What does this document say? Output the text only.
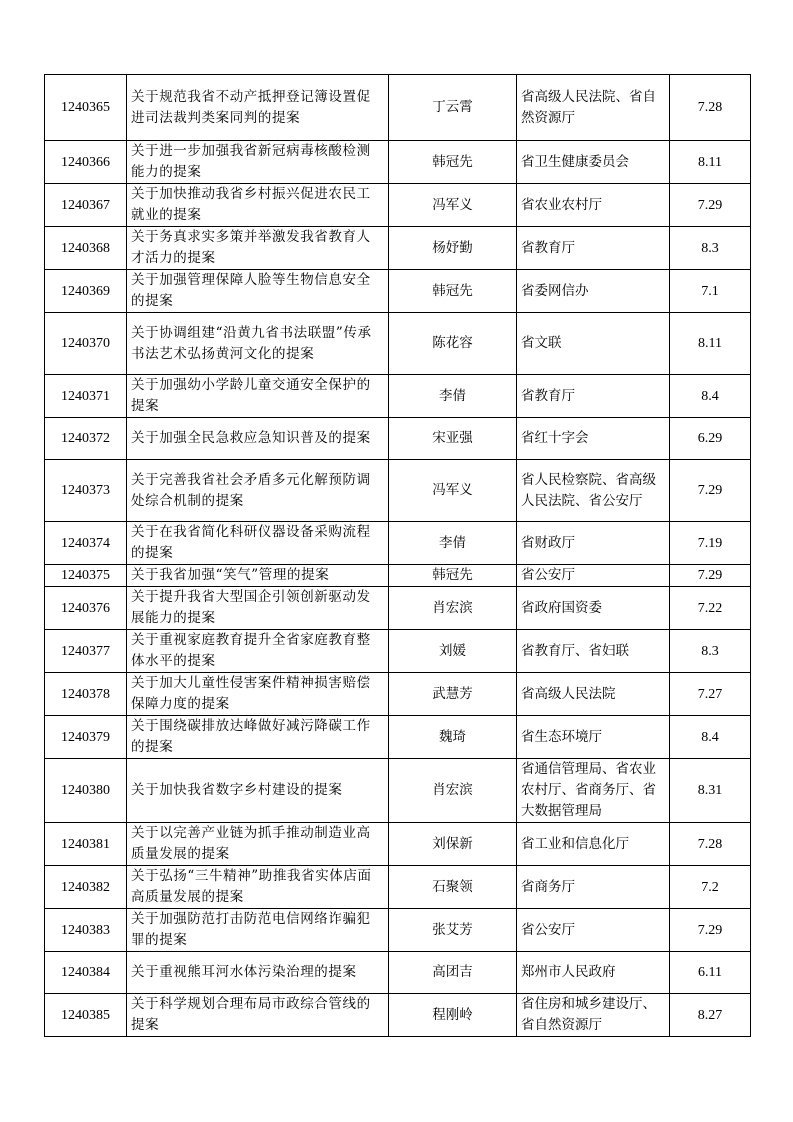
1240365	关于规范我省不动产抵押登记簿设置促进司法裁判类案同判的提案	丁云霄	省高级人民法院、省自然资源厅	7.28
1240366	关于进一步加强我省新冠病毒核酸检测能力的提案	韩冠先	省卫生健康委员会	8.11
1240367	关于加快推动我省乡村振兴促进农民工就业的提案	冯军义	省农业农村厅	7.29
1240368	关于务真求实多策并举激发我省教育人才活力的提案	杨妤勤	省教育厅	8.3
1240369	关于加强管理保障人脸等生物信息安全的提案	韩冠先	省委网信办	7.1
1240370	关于协调组建“沿黄九省书法联盟”传承书法艺术弘扬黄河文化的提案	陈花容	省文联	8.11
1240371	关于加强幼小学龄儿童交通安全保护的提案	李倩	省教育厅	8.4
1240372	关于加强全民急救应急知识普及的提案	宋亚强	省红十字会	6.29
1240373	关于完善我省社会矛盾多元化解预防调处综合机制的提案	冯军义	省人民检察院、省高级人民法院、省公安厅	7.29
1240374	关于在我省简化科研仪器设备采购流程的提案	李倩	省财政厅	7.19
1240375	关于我省加强“笑气”管理的提案	韩冠先	省公安厅	7.29
1240376	关于提升我省大型国企引领创新驱动发展能力的提案	肖宏滨	省政府国资委	7.22
1240377	关于重视家庭教育提升全省家庭教育整体水平的提案	刘媛	省教育厅、省妇联	8.3
1240378	关于加大儿童性侵害案件精神损害赔偿保障力度的提案	武慧芳	省高级人民法院	7.27
1240379	关于围绕碳排放达峰做好减污降碳工作的提案	魏琦	省生态环境厅	8.4
1240380	关于加快我省数字乡村建设的提案	肖宏滨	省通信管理局、省农业农村厅、省商务厅、省大数据管理局	8.31
1240381	关于以完善产业链为抓手推动制造业高质量发展的提案	刘保新	省工业和信息化厅	7.28
1240382	关于弘扬“三牛精神”助推我省实体店面高质量发展的提案	石聚领	省商务厅	7.2
1240383	关于加强防范打击防范电信网络诈骗犯罪的提案	张艾芳	省公安厅	7.29
1240384	关于重视熊耳河水体污染治理的提案	高团吉	郑州市人民政府	6.11
1240385	关于科学规划合理布局市政综合管线的提案	程刚岭	省住房和城乡建设厅、省自然资源厅	8.27
